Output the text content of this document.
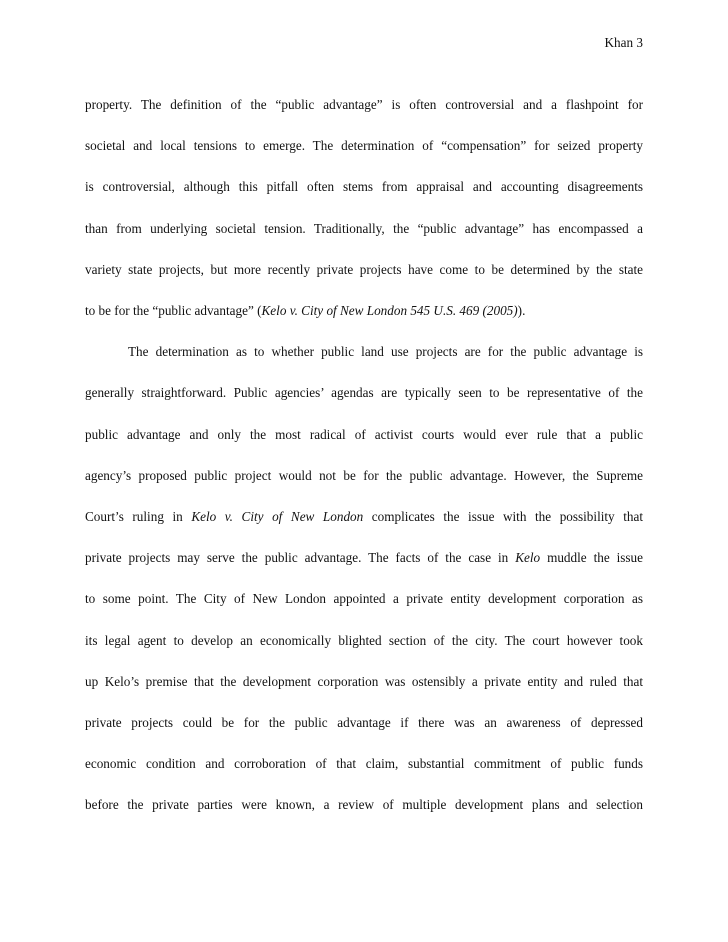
Khan 3
property. The definition of the “public advantage” is often controversial and a flashpoint for
societal and local tensions to emerge. The determination of “compensation” for seized property
is controversial, although this pitfall often stems from appraisal and accounting disagreements
than from underlying societal tension. Traditionally, the “public advantage” has encompassed a
variety state projects, but more recently private projects have come to be determined by the state
to be for the “public advantage” (Kelo v. City of New London 545 U.S. 469 (2005)).
The determination as to whether public land use projects are for the public advantage is
generally straightforward. Public agencies’ agendas are typically seen to be representative of the
public advantage and only the most radical of activist courts would ever rule that a public
agency’s proposed public project would not be for the public advantage. However, the Supreme
Court’s ruling in Kelo v. City of New London complicates the issue with the possibility that
private projects may serve the public advantage. The facts of the case in Kelo muddle the issue
to some point. The City of New London appointed a private entity development corporation as
its legal agent to develop an economically blighted section of the city. The court however took
up Kelo’s premise that the development corporation was ostensibly a private entity and ruled that
private projects could be for the public advantage if there was an awareness of depressed
economic condition and corroboration of that claim, substantial commitment of public funds
before the private parties were known, a review of multiple development plans and selection
